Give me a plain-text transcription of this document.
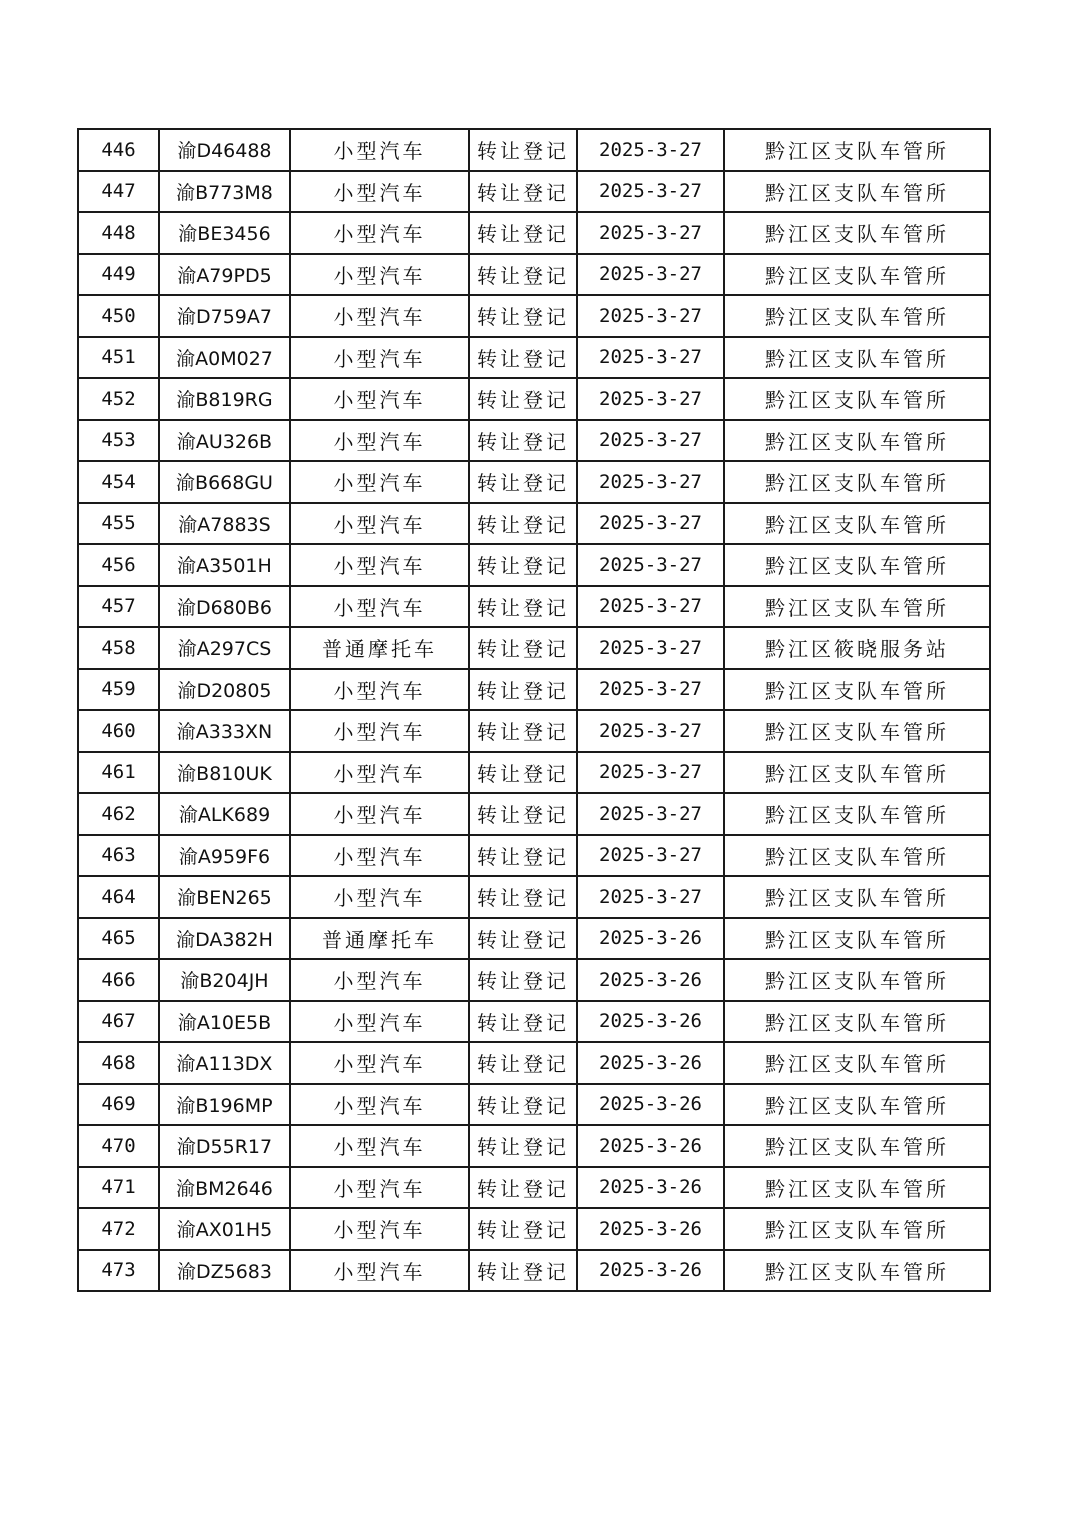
446	渝D46488	小型汽车	转让登记	2025-3-27	黔江区支队车管所
447	渝B773M8	小型汽车	转让登记	2025-3-27	黔江区支队车管所
448	渝BE3456	小型汽车	转让登记	2025-3-27	黔江区支队车管所
449	渝A79PD5	小型汽车	转让登记	2025-3-27	黔江区支队车管所
450	渝D759A7	小型汽车	转让登记	2025-3-27	黔江区支队车管所
451	渝A0M027	小型汽车	转让登记	2025-3-27	黔江区支队车管所
452	渝B819RG	小型汽车	转让登记	2025-3-27	黔江区支队车管所
453	渝AU326B	小型汽车	转让登记	2025-3-27	黔江区支队车管所
454	渝B668GU	小型汽车	转让登记	2025-3-27	黔江区支队车管所
455	渝A7883S	小型汽车	转让登记	2025-3-27	黔江区支队车管所
456	渝A3501H	小型汽车	转让登记	2025-3-27	黔江区支队车管所
457	渝D680B6	小型汽车	转让登记	2025-3-27	黔江区支队车管所
458	渝A297CS	普通摩托车	转让登记	2025-3-27	黔江区筱晓服务站
459	渝D20805	小型汽车	转让登记	2025-3-27	黔江区支队车管所
460	渝A333XN	小型汽车	转让登记	2025-3-27	黔江区支队车管所
461	渝B810UK	小型汽车	转让登记	2025-3-27	黔江区支队车管所
462	渝ALK689	小型汽车	转让登记	2025-3-27	黔江区支队车管所
463	渝A959F6	小型汽车	转让登记	2025-3-27	黔江区支队车管所
464	渝BEN265	小型汽车	转让登记	2025-3-27	黔江区支队车管所
465	渝DA382H	普通摩托车	转让登记	2025-3-26	黔江区支队车管所
466	渝B204JH	小型汽车	转让登记	2025-3-26	黔江区支队车管所
467	渝A10E5B	小型汽车	转让登记	2025-3-26	黔江区支队车管所
468	渝A113DX	小型汽车	转让登记	2025-3-26	黔江区支队车管所
469	渝B196MP	小型汽车	转让登记	2025-3-26	黔江区支队车管所
470	渝D55R17	小型汽车	转让登记	2025-3-26	黔江区支队车管所
471	渝BM2646	小型汽车	转让登记	2025-3-26	黔江区支队车管所
472	渝AX01H5	小型汽车	转让登记	2025-3-26	黔江区支队车管所
473	渝DZ5683	小型汽车	转让登记	2025-3-26	黔江区支队车管所
